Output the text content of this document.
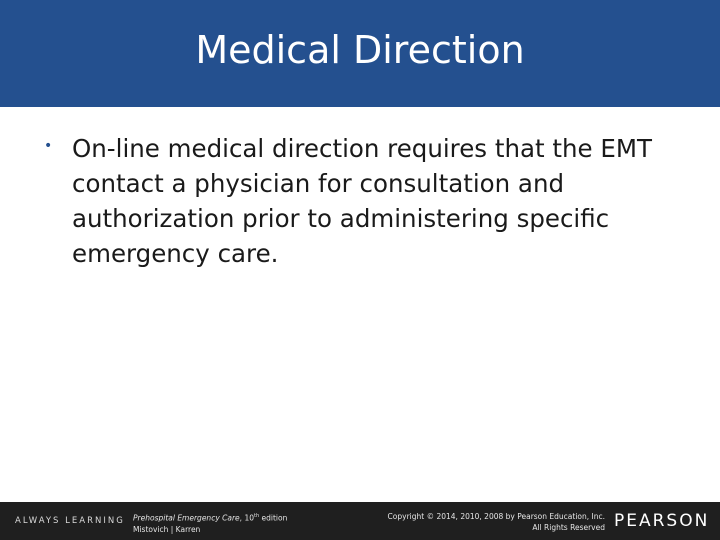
Medical Direction
• On-line medical direction requires that the EMT contact a physician for consultation and authorization prior to administering specific emergency care.
ALWAYS LEARNING Prehospital Emergency Care, 10th edition
Mistovich | Karren
Copyright © 2014, 2010, 2008 by Pearson Education, Inc.
All Rights Reserved PEARSON
